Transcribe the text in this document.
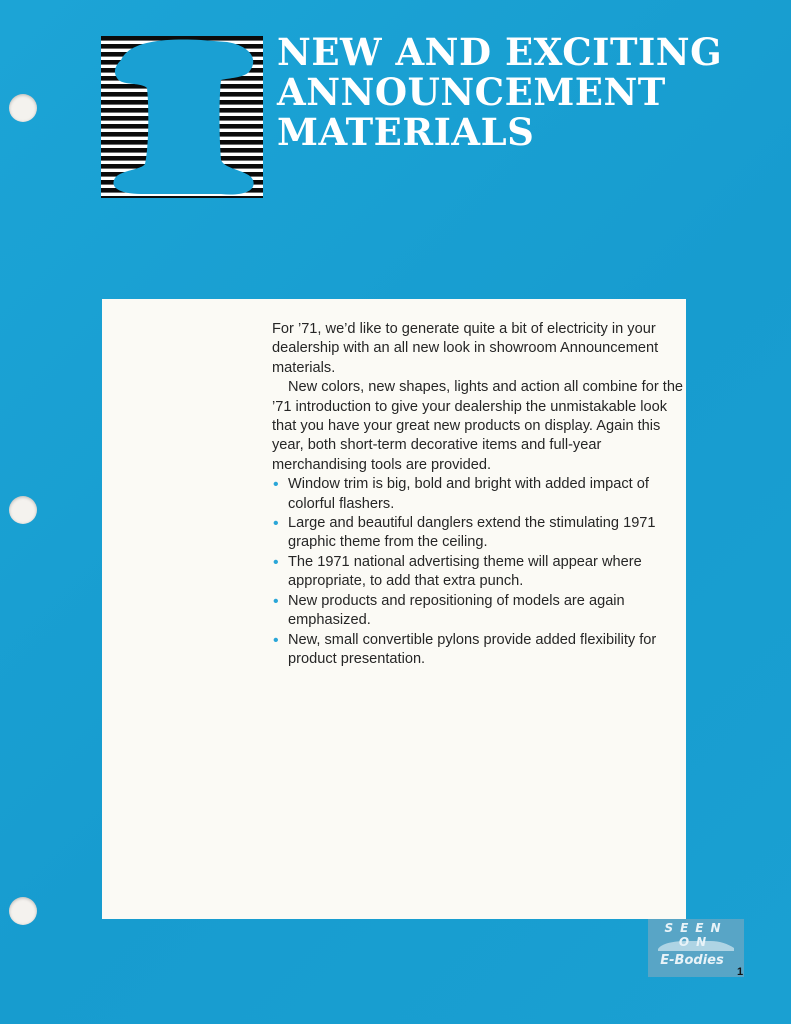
NEW AND EXCITING
ANNOUNCEMENT
MATERIALS

For ’71, we’d like to generate quite a bit of electricity in your dealership with an all new look in showroom Announcement materials.

New colors, new shapes, lights and action all combine for the ’71 introduction to give your dealership the unmistakable look that you have your great new products on display. Again this year, both short-term decorative items and full-year merchandising tools are provided.

• Window trim is big, bold and bright with added impact of colorful flashers.
• Large and beautiful danglers extend the stimulating 1971 graphic theme from the ceiling.
• The 1971 national advertising theme will appear where appropriate, to add that extra punch.
• New products and repositioning of models are again emphasized.
• New, small convertible pylons provide added flexibility for product presentation.
SEEN
E-Bodies
1
